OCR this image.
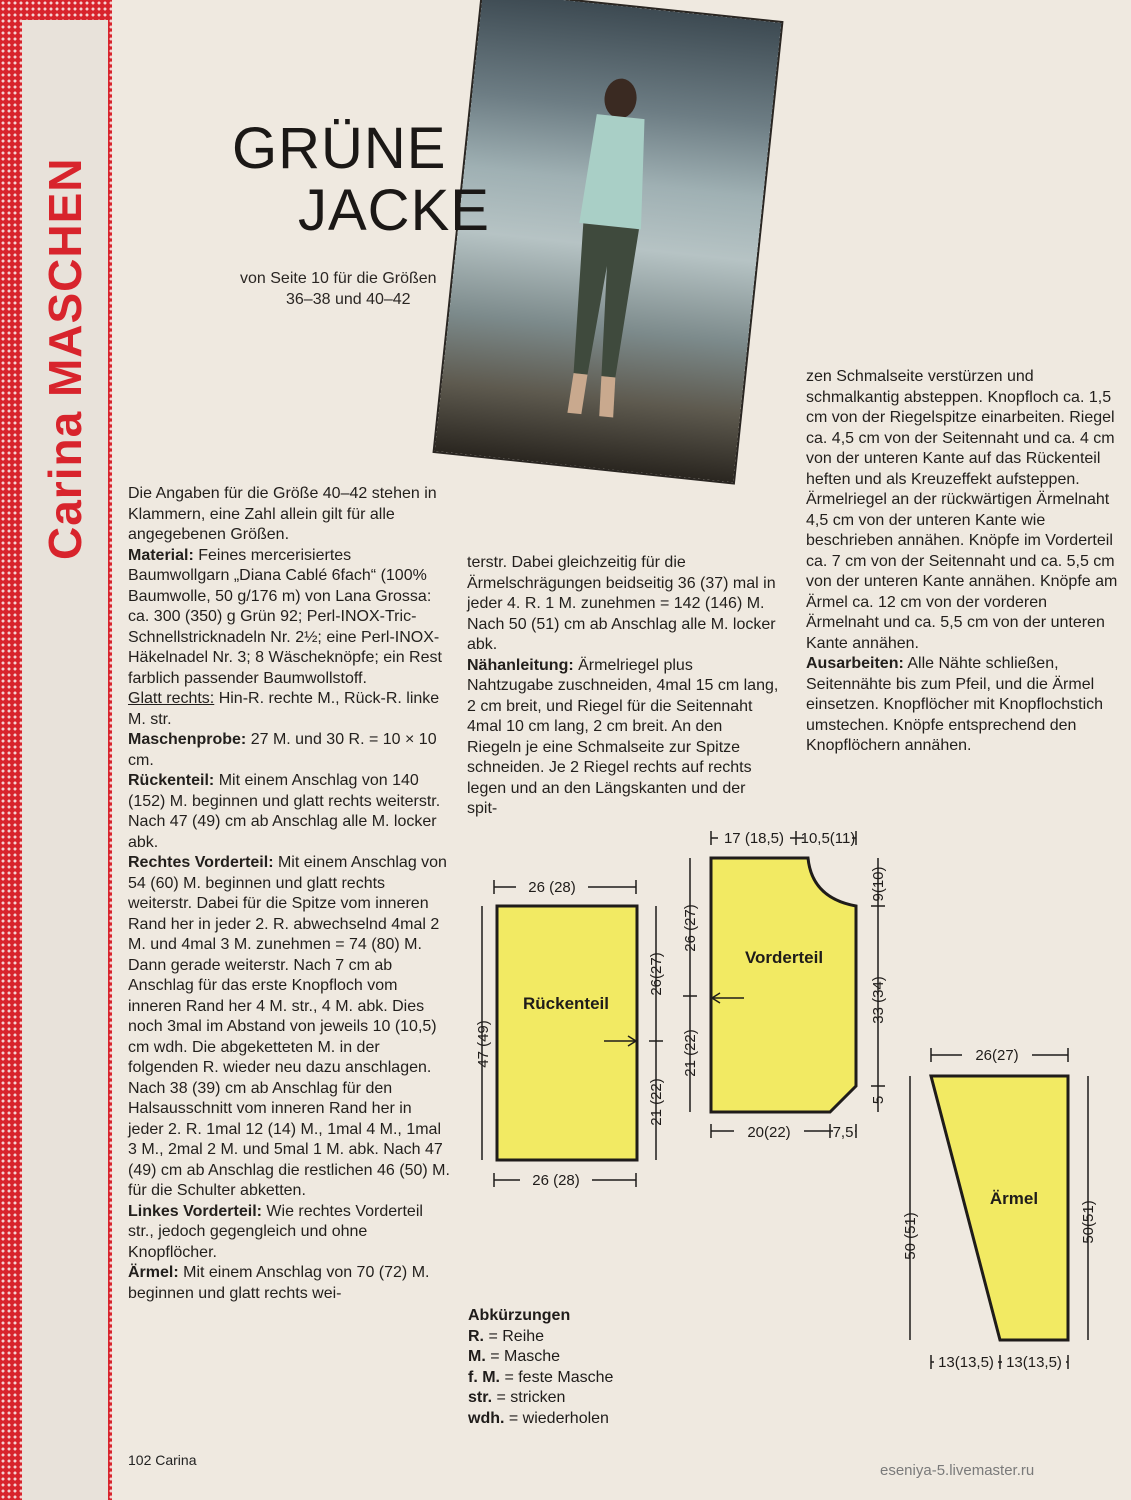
Carina MASCHEN
GRÜNE
JACKE
von Seite 10 für die Größen
36–38 und 40–42
Die Angaben für die Größe 40–42 stehen in Klammern, eine Zahl allein gilt für alle angegebenen Größen.
Material: Feines mercerisiertes Baumwollgarn „Diana Cablé 6fach“ (100% Baumwolle, 50 g/176 m) von Lana Grossa: ca. 300 (350) g Grün 92; Perl-INOX-Tric-Schnellstricknadeln Nr. 2½; eine Perl-INOX-Häkelnadel Nr. 3; 8 Wäscheknöpfe; ein Rest farblich passender Baumwollstoff.
Glatt rechts: Hin-R. rechte M., Rück-R. linke M. str.
Maschenprobe: 27 M. und 30 R. = 10 × 10 cm.
Rückenteil: Mit einem Anschlag von 140 (152) M. beginnen und glatt rechts weiterstr. Nach 47 (49) cm ab Anschlag alle M. locker abk.
Rechtes Vorderteil: Mit einem Anschlag von 54 (60) M. beginnen und glatt rechts weiterstr. Dabei für die Spitze vom inneren Rand her in jeder 2. R. abwechselnd 4mal 2 M. und 4mal 3 M. zunehmen = 74 (80) M. Dann gerade weiterstr. Nach 7 cm ab Anschlag für das erste Knopfloch vom inneren Rand her 4 M. str., 4 M. abk. Dies noch 3mal im Abstand von jeweils 10 (10,5) cm wdh. Die abgeketteten M. in der folgenden R. wieder neu dazu anschlagen. Nach 38 (39) cm ab Anschlag für den Halsausschnitt vom inneren Rand her in jeder 2. R. 1mal 12 (14) M., 1mal 4 M., 1mal 3 M., 2mal 2 M. und 5mal 1 M. abk. Nach 47 (49) cm ab Anschlag die restlichen 46 (50) M. für die Schulter abketten.
Linkes Vorderteil: Wie rechtes Vorderteil str., jedoch gegengleich und ohne Knopflöcher.
Ärmel: Mit einem Anschlag von 70 (72) M. beginnen und glatt rechts wei-
terstr. Dabei gleichzeitig für die Ärmelschrägungen beidseitig 36 (37) mal in jeder 4. R. 1 M. zunehmen = 142 (146) M. Nach 50 (51) cm ab Anschlag alle M. locker abk.
Nähanleitung: Ärmelriegel plus Nahtzugabe zuschneiden, 4mal 15 cm lang, 2 cm breit, und Riegel für die Seitennaht 4mal 10 cm lang, 2 cm breit. An den Riegeln je eine Schmalseite zur Spitze schneiden. Je 2 Riegel rechts auf rechts legen und an den Längskanten und der spit-
zen Schmalseite verstürzen und schmalkantig absteppen. Knopfloch ca. 1,5 cm von der Riegelspitze einarbeiten. Riegel ca. 4,5 cm von der Seitennaht und ca. 4 cm von der unteren Kante auf das Rückenteil heften und als Kreuzeffekt aufsteppen. Ärmelriegel an der rückwärtigen Ärmelnaht 4,5 cm von der unteren Kante wie beschrieben annähen. Knöpfe im Vorderteil ca. 7 cm von der Seitennaht und ca. 5,5 cm von der unteren Kante annähen. Knöpfe am Ärmel ca. 12 cm von der vorderen Ärmelnaht und ca. 5,5 cm von der unteren Kante annähen.
Ausarbeiten: Alle Nähte schließen, Seitennähte bis zum Pfeil, und die Ärmel einsetzen. Knopflöcher mit Knopflochstich umstechen. Knöpfe entsprechend den Knopflöchern annähen.
Abkürzungen
R. = Reihe
M. = Masche
f. M. = feste Masche
str. = stricken
wdh. = wiederholen
26 (28)
26 (28)
47 (49)
26(27)
21 (22)
Rückenteil
17 (18,5) 10,5(11)
26 (27)
21 (22)
9(10)
33 (34)
5
20(22)	7,5
Vorderteil
26(27)
50 (51)	50(51)
13(13,5) 13(13,5)
Ärmel
102 Carina
eseniya-5.livemaster.ru
